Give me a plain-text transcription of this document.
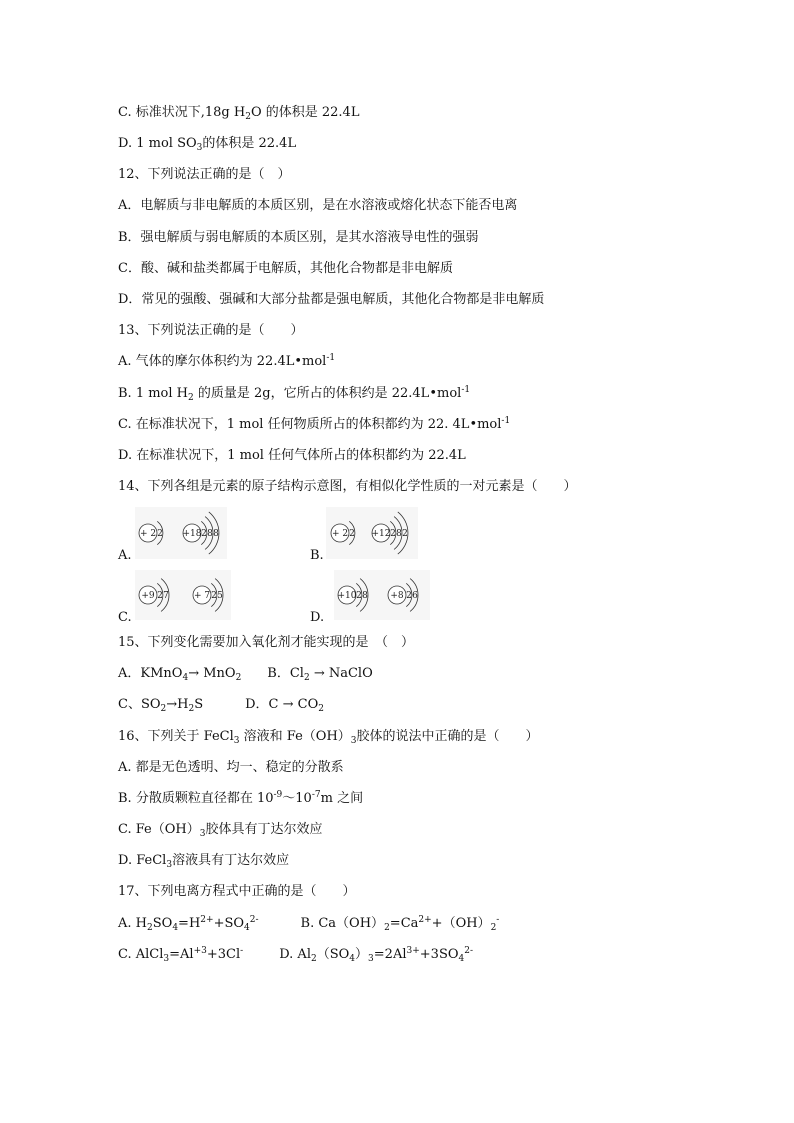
C. 标准状况下,18g $H_2O$ 的体积是 22.4L
D. 1 mol $SO_3$的体积是 22.4L
12、下列说法正确的是（　）
A．电解质与非电解质的本质区别，是在水溶液或熔化状态下能否电离
B．强电解质与弱电解质的本质区别，是其水溶液导电性的强弱
C．酸、碱和盐类都属于电解质，其他化合物都是非电解质
D．常见的强酸、强碱和大部分盐都是强电解质，其他化合物都是非电解质
13、下列说法正确的是（　　）
A. 气体的摩尔体积约为 22.4L•mol$^{-1}$
B. 1 mol $H_2$ 的质量是 2g，它所占的体积约是 22.4L•mol$^{-1}$
C. 在标准状况下，1 mol 任何物质所占的体积都约为 22. 4L•mol$^{-1}$
D. 在标准状况下，1 mol 任何气体所占的体积都约为 22.4L
14、下列各组是元素的原子结构示意图，有相似化学性质的一对元素是（　　）
A.	B.
C.	D.
+ 2 2 +18 2 8 8	+ 2 2 +12 2 8 2
+9 2 7	+ 7 2 5	+10 2 8 +8 2 6
15、下列变化需要加入氧化剂才能实现的是　（　）
A．KMnO$_4$→ MnO$_2$ B．$Cl_2$ → NaClO
C、$SO_2\to H_2S$	D．$C \to CO_2$
16、下列关于 FeCl$_3$ 溶液和 $Fe(OH)_3$胶体的说法中正确的是（　　）
A. 都是无色透明、均一、稳定的分散系
B. 分散质颗粒直径都在 $10^{-9}\sim 10^{-7}m$ 之间
C. $Fe(OH)_3$胶体具有丁达尔效应
D. FeCl$_3$溶液具有丁达尔效应
17、下列电离方程式中正确的是（　　）
A. $H_2SO_4=H^{2+}+SO_4^{2-}$	B. $Ca(OH)_2=Ca^{2+}+(OH)_2^-$
C. $AlCl_3=Al^{+3}+3Cl^-$	D. $Al_2(SO_4)_3=2Al^{3+}+3SO_4^{2-}$
